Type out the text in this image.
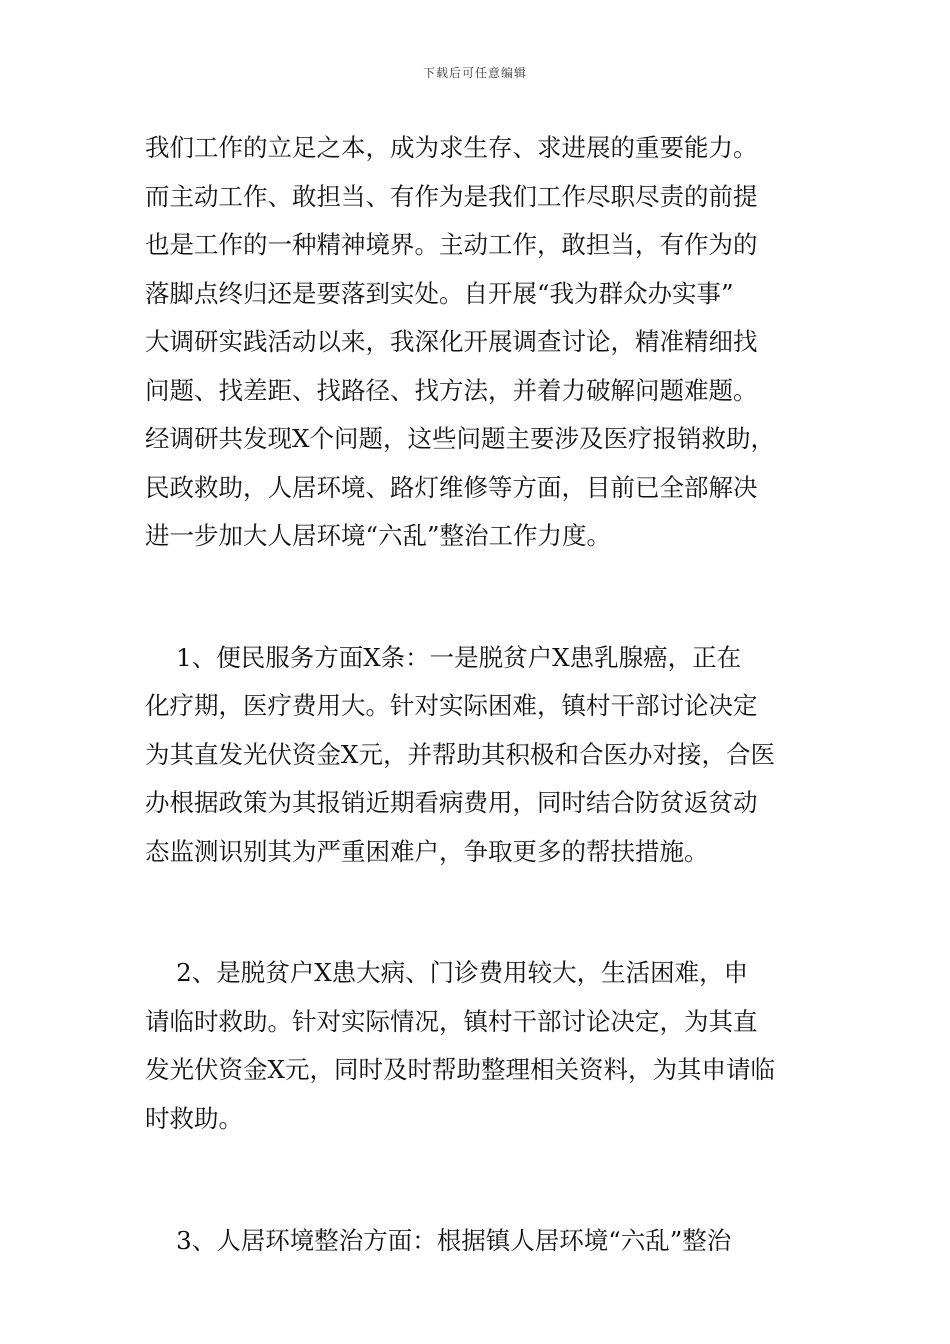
下载后可任意编辑
我们工作的立足之本，成为求生存、求进展的重要能力。
而主动工作、敢担当、有作为是我们工作尽职尽责的前提
也是工作的一种精神境界。主动工作，敢担当，有作为的
落脚点终归还是要落到实处。自开展“我为群众办实事”
大调研实践活动以来，我深化开展调查讨论，精准精细找
问题、找差距、找路径、找方法，并着力破解问题难题。
经调研共发现X个问题，这些问题主要涉及医疗报销救助，
民政救助，人居环境、路灯维修等方面，目前已全部解决
进一步加大人居环境“六乱”整治工作力度。
1、便民服务方面X条：一是脱贫户X患乳腺癌，正在
化疗期，医疗费用大。针对实际困难，镇村干部讨论决定
为其直发光伏资金X元，并帮助其积极和合医办对接，合医
办根据政策为其报销近期看病费用，同时结合防贫返贫动
态监测识别其为严重困难户，争取更多的帮扶措施。
2、是脱贫户X患大病、门诊费用较大，生活困难，申
请临时救助。针对实际情况，镇村干部讨论决定，为其直
发光伏资金X元，同时及时帮助整理相关资料，为其申请临
时救助。
3、人居环境整治方面：根据镇人居环境“六乱”整治
